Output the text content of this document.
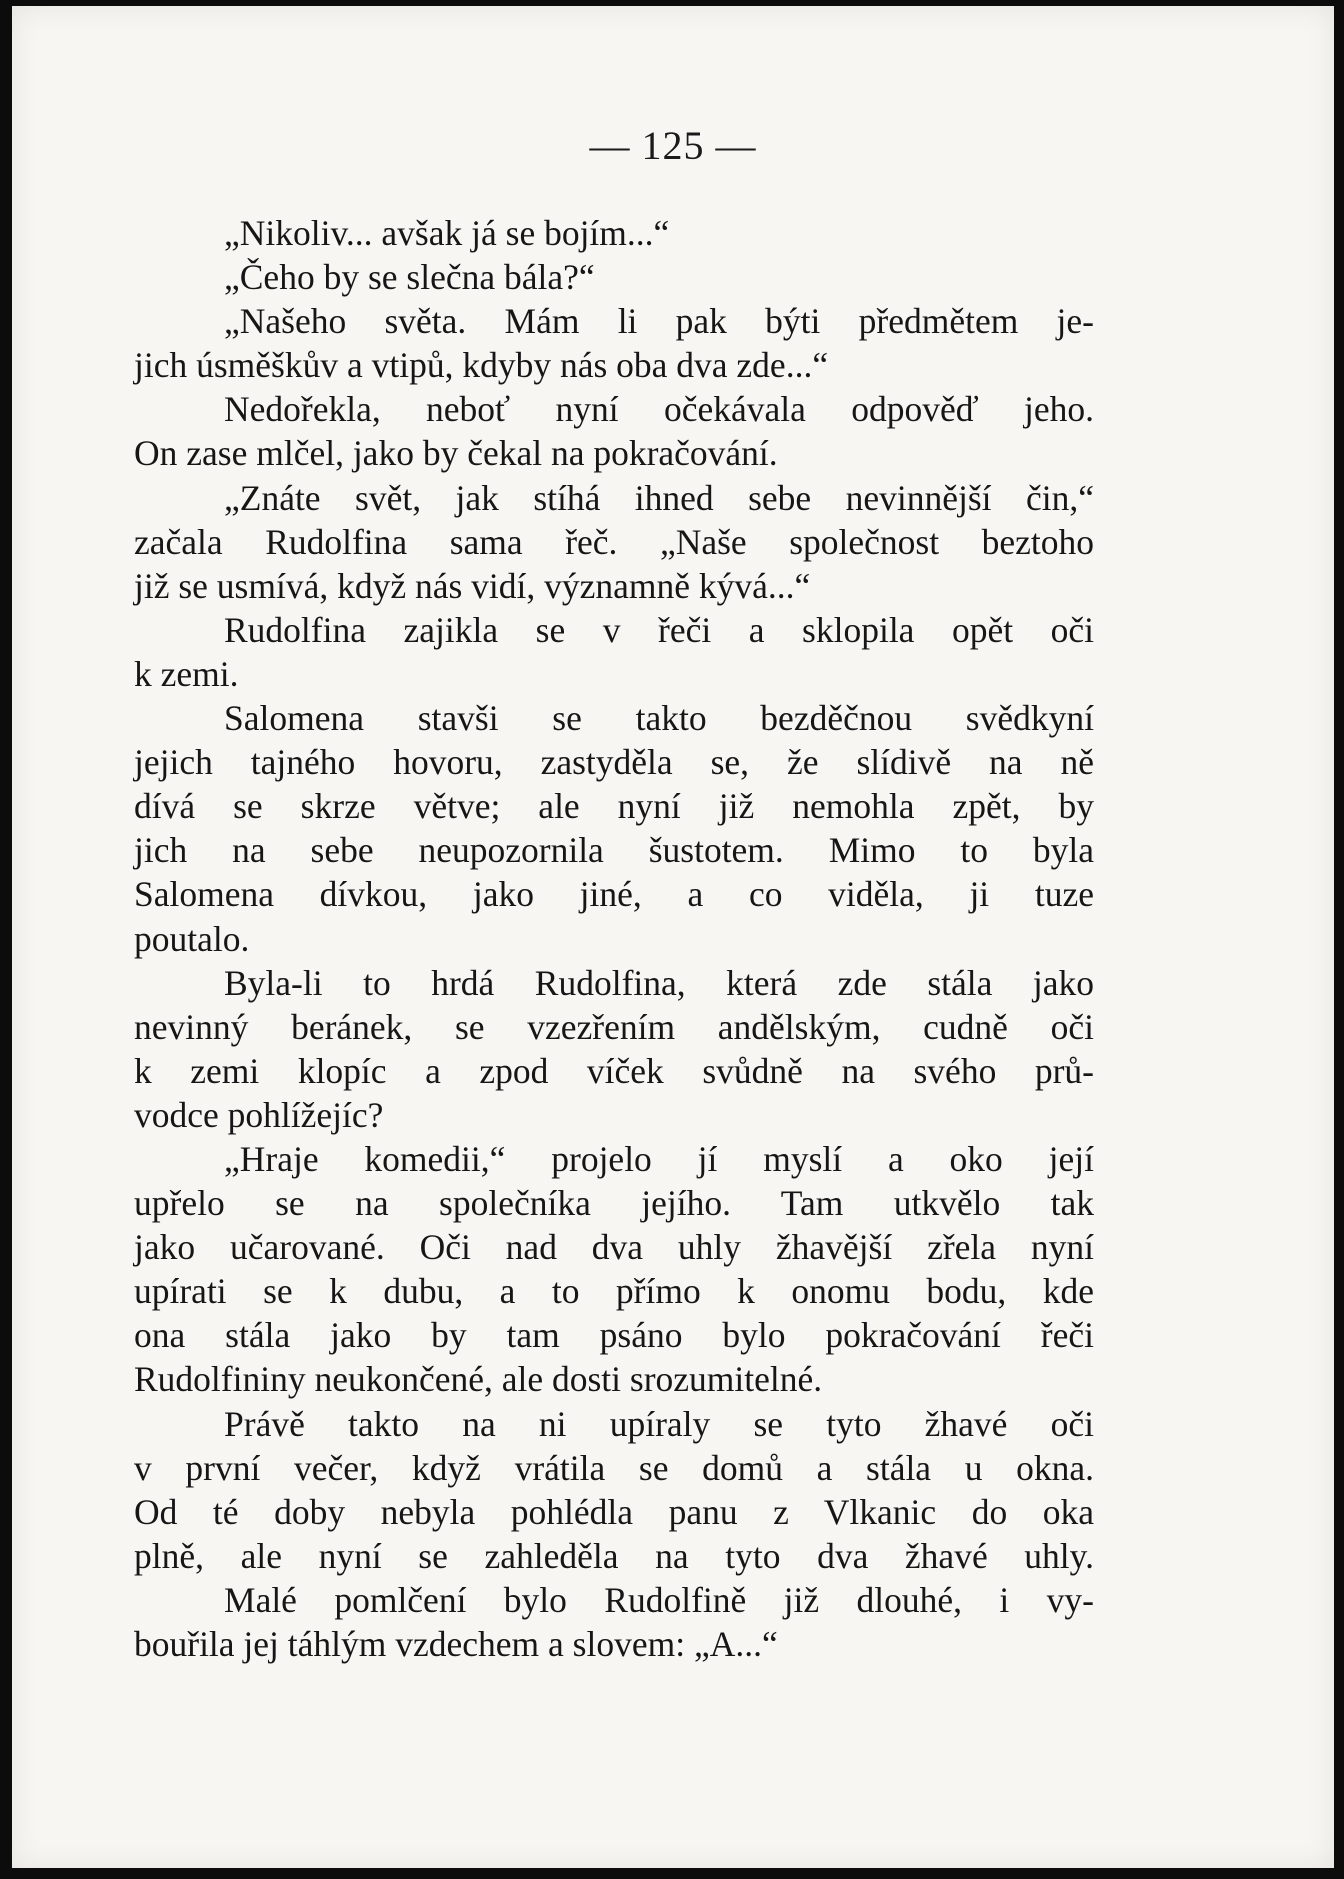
— 125 —
„Nikoliv... avšak já se bojím...“
„Čeho by se slečna bála?“
„Našeho světa. Mám li pak býti předmětem je-
jich úsměškův a vtipů, kdyby nás oba dva zde...“
Nedořekla, neboť nyní očekávala odpověď jeho.
On zase mlčel, jako by čekal na pokračování.
„Znáte svět, jak stíhá ihned sebe nevinnější čin,“
začala Rudolfina sama řeč. „Naše společnost beztoho
již se usmívá, když nás vidí, významně kývá...“
Rudolfina zajikla se v řeči a sklopila opět oči
k zemi.
Salomena stavši se takto bezděčnou svědkyní
jejich tajného hovoru, zastyděla se, že slídivě na ně
dívá se skrze větve; ale nyní již nemohla zpět, by
jich na sebe neupozornila šustotem. Mimo to byla
Salomena dívkou, jako jiné, a co viděla, ji tuze
poutalo.
Byla-li to hrdá Rudolfina, která zde stála jako
nevinný beránek, se vzezřením andělským, cudně oči
k zemi klopíc a zpod víček svůdně na svého prů-
vodce pohlížejíc?
„Hraje komedii,“ projelo jí myslí a oko její
upřelo se na společníka jejího. Tam utkvělo tak
jako učarované. Oči nad dva uhly žhavější zřela nyní
upírati se k dubu, a to přímo k onomu bodu, kde
ona stála jako by tam psáno bylo pokračování řeči
Rudolfininy neukončené, ale dosti srozumitelné.
Právě takto na ni upíraly se tyto žhavé oči
v první večer, když vrátila se domů a stála u okna.
Od té doby nebyla pohlédla panu z Vlkanic do oka
plně, ale nyní se zahleděla na tyto dva žhavé uhly.
Malé pomlčení bylo Rudolfině již dlouhé, i vy-
bouřila jej táhlým vzdechem a slovem: „A...“
